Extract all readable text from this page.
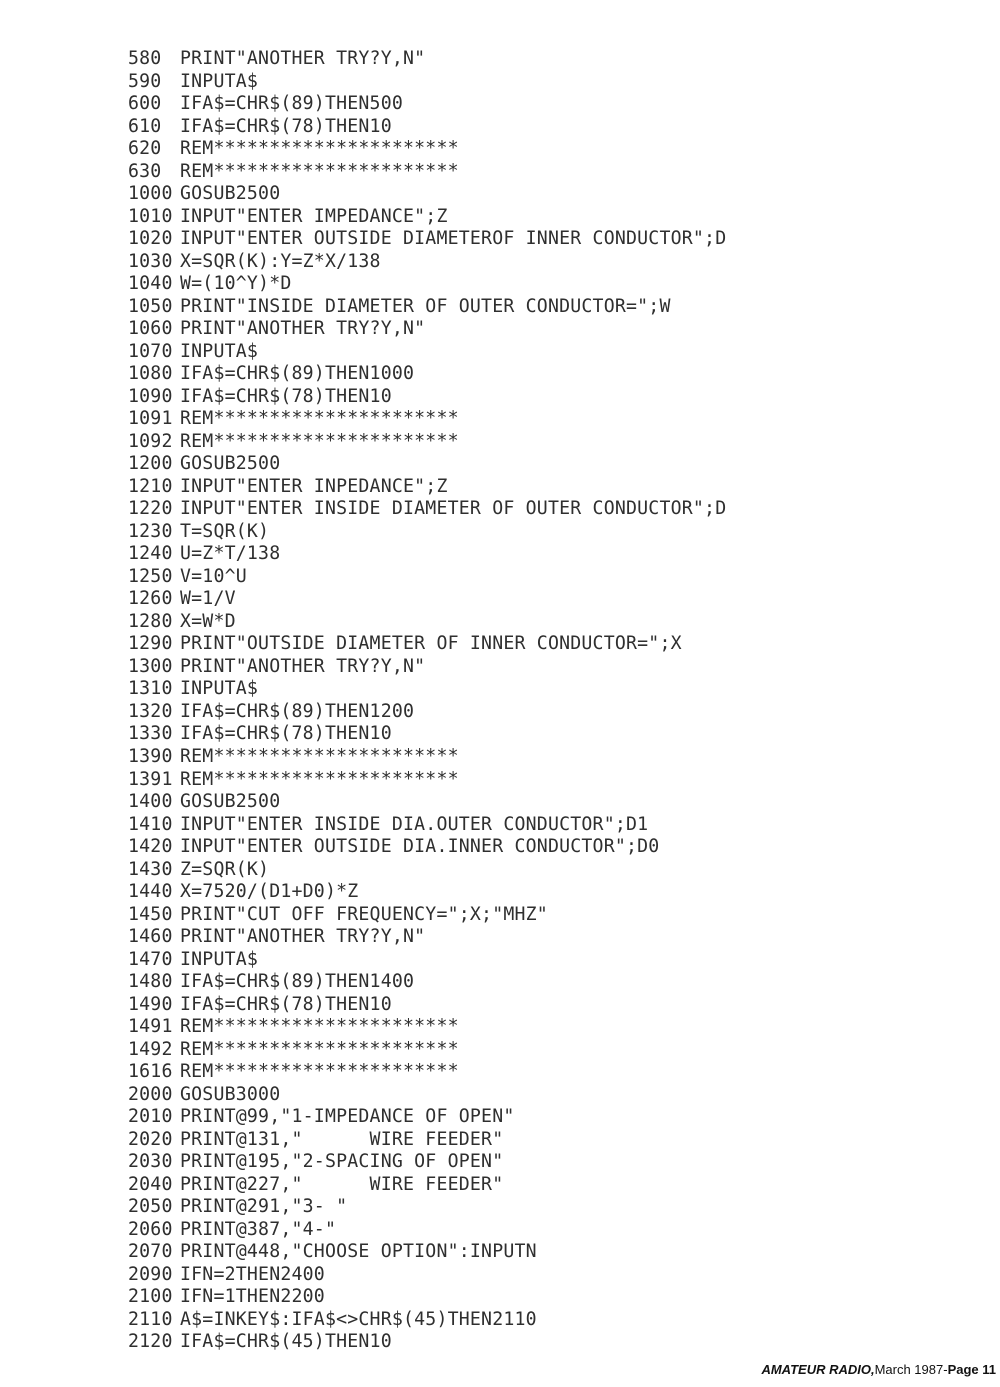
580 PRINT"ANOTHER TRY?Y,N"
590 INPUTA$
600 IFA$=CHR$(89)THEN500
610 IFA$=CHR$(78)THEN10
620 REM**********************
630 REM**********************
1000 GOSUB2500
1010 INPUT"ENTER IMPEDANCE";Z
1020 INPUT"ENTER OUTSIDE DIAMETEROF INNER CONDUCTOR";D
1030 X=SQR(K):Y=Z*X/138
1040 W=(10^Y)*D
1050 PRINT"INSIDE DIAMETER OF OUTER CONDUCTOR=";W
1060 PRINT"ANOTHER TRY?Y,N"
1070 INPUTA$
1080 IFA$=CHR$(89)THEN1000
1090 IFA$=CHR$(78)THEN10
1091 REM**********************
1092 REM**********************
1200 GOSUB2500
1210 INPUT"ENTER INPEDANCE";Z
1220 INPUT"ENTER INSIDE DIAMETER OF OUTER CONDUCTOR";D
1230 T=SQR(K)
1240 U=Z*T/138
1250 V=10^U
1260 W=1/V
1280 X=W*D
1290 PRINT"OUTSIDE DIAMETER OF INNER CONDUCTOR=";X
1300 PRINT"ANOTHER TRY?Y,N"
1310 INPUTA$
1320 IFA$=CHR$(89)THEN1200
1330 IFA$=CHR$(78)THEN10
1390 REM**********************
1391 REM**********************
1400 GOSUB2500
1410 INPUT"ENTER INSIDE DIA.OUTER CONDUCTOR";D1
1420 INPUT"ENTER OUTSIDE DIA.INNER CONDUCTOR";D0
1430 Z=SQR(K)
1440 X=7520/(D1+D0)*Z
1450 PRINT"CUT OFF FREQUENCY=";X;"MHZ"
1460 PRINT"ANOTHER TRY?Y,N"
1470 INPUTA$
1480 IFA$=CHR$(89)THEN1400
1490 IFA$=CHR$(78)THEN10
1491 REM**********************
1492 REM**********************
1616 REM**********************
2000 GOSUB3000
2010 PRINT@99,"1-IMPEDANCE OF OPEN"
2020 PRINT@131,"      WIRE FEEDER"
2030 PRINT@195,"2-SPACING OF OPEN"
2040 PRINT@227,"      WIRE FEEDER"
2050 PRINT@291,"3- "
2060 PRINT@387,"4-"
2070 PRINT@448,"CHOOSE OPTION":INPUTN
2090 IFN=2THEN2400
2100 IFN=1THEN2200
2110 A$=INKEY$:IFA$<>CHR$(45)THEN2110
2120 IFA$=CHR$(45)THEN10
AMATEUR RADIO,March 1987-Page 11
